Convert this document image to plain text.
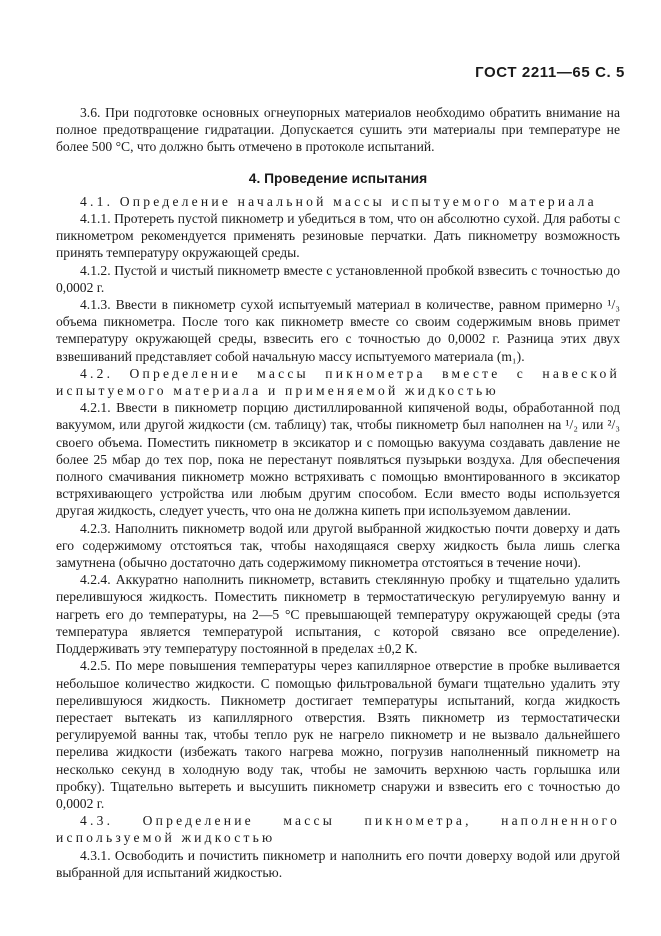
ГОСТ 2211—65 С. 5

3.6. При подготовке основных огнеупорных материалов необходимо обратить внимание на полное предотвращение гидратации. Допускается сушить эти материалы при температуре не более 500 °С, что должно быть отмечено в протоколе испытаний.

4. Проведение испытания

4.1. Определение начальной массы испытуемого материала

4.1.1. Протереть пустой пикнометр и убедиться в том, что он абсолютно сухой. Для работы с пикнометром рекомендуется применять резиновые перчатки. Дать пикнометру возможность принять температуру окружающей среды.

4.1.2. Пустой и чистый пикнометр вместе с установленной пробкой взвесить с точностью до 0,0002 г.

4.1.3. Ввести в пикнометр сухой испытуемый материал в количестве, равном примерно ¹/₃ объема пикнометра. После того как пикнометр вместе со своим содержимым вновь примет температуру окружающей среды, взвесить его с точностью до 0,0002 г. Разница этих двух взвешиваний представляет собой начальную массу испытуемого материала (m₁).

4.2. Определение массы пикнометра вместе с навеской испытуемого материала и применяемой жидкостью

4.2.1. Ввести в пикнометр порцию дистиллированной кипяченой воды, обработанной под вакуумом, или другой жидкости (см. таблицу) так, чтобы пикнометр был наполнен на ¹/₂ или ²/₃ своего объема. Поместить пикнометр в эксикатор и с помощью вакуума создавать давление не более 25 мбар до тех пор, пока не перестанут появляться пузырьки воздуха. Для обеспечения полного смачивания пикнометр можно встряхивать с помощью вмонтированного в эксикатор встряхивающего устройства или любым другим способом. Если вместо воды используется другая жидкость, следует учесть, что она не должна кипеть при используемом давлении.

4.2.3. Наполнить пикнометр водой или другой выбранной жидкостью почти доверху и дать его содержимому отстояться так, чтобы находящаяся сверху жидкость была лишь слегка замутнена (обычно достаточно дать содержимому пикнометра отстояться в течение ночи).

4.2.4. Аккуратно наполнить пикнометр, вставить стеклянную пробку и тщательно удалить перелившуюся жидкость. Поместить пикнометр в термостатическую регулируемую ванну и нагреть его до температуры, на 2—5 °С превышающей температуру окружающей среды (эта температура является температурой испытания, с которой связано все определение). Поддерживать эту температуру постоянной в пределах ±0,2 К.

4.2.5. По мере повышения температуры через капиллярное отверстие в пробке выливается небольшое количество жидкости. С помощью фильтровальной бумаги тщательно удалить эту перелившуюся жидкость. Пикнометр достигает температуры испытаний, когда жидкость перестает вытекать из капиллярного отверстия. Взять пикнометр из термостатически регулируемой ванны так, чтобы тепло рук не нагрело пикнометр и не вызвало дальнейшего перелива жидкости (избежать такого нагрева можно, погрузив наполненный пикнометр на несколько секунд в холодную воду так, чтобы не замочить верхнюю часть горлышка или пробку). Тщательно вытереть и высушить пикнометр снаружи и взвесить его с точностью до 0,0002 г.

4.3. Определение массы пикнометра, наполненного используемой жидкостью

4.3.1. Освободить и почистить пикнометр и наполнить его почти доверху водой или другой выбранной для испытаний жидкостью.
